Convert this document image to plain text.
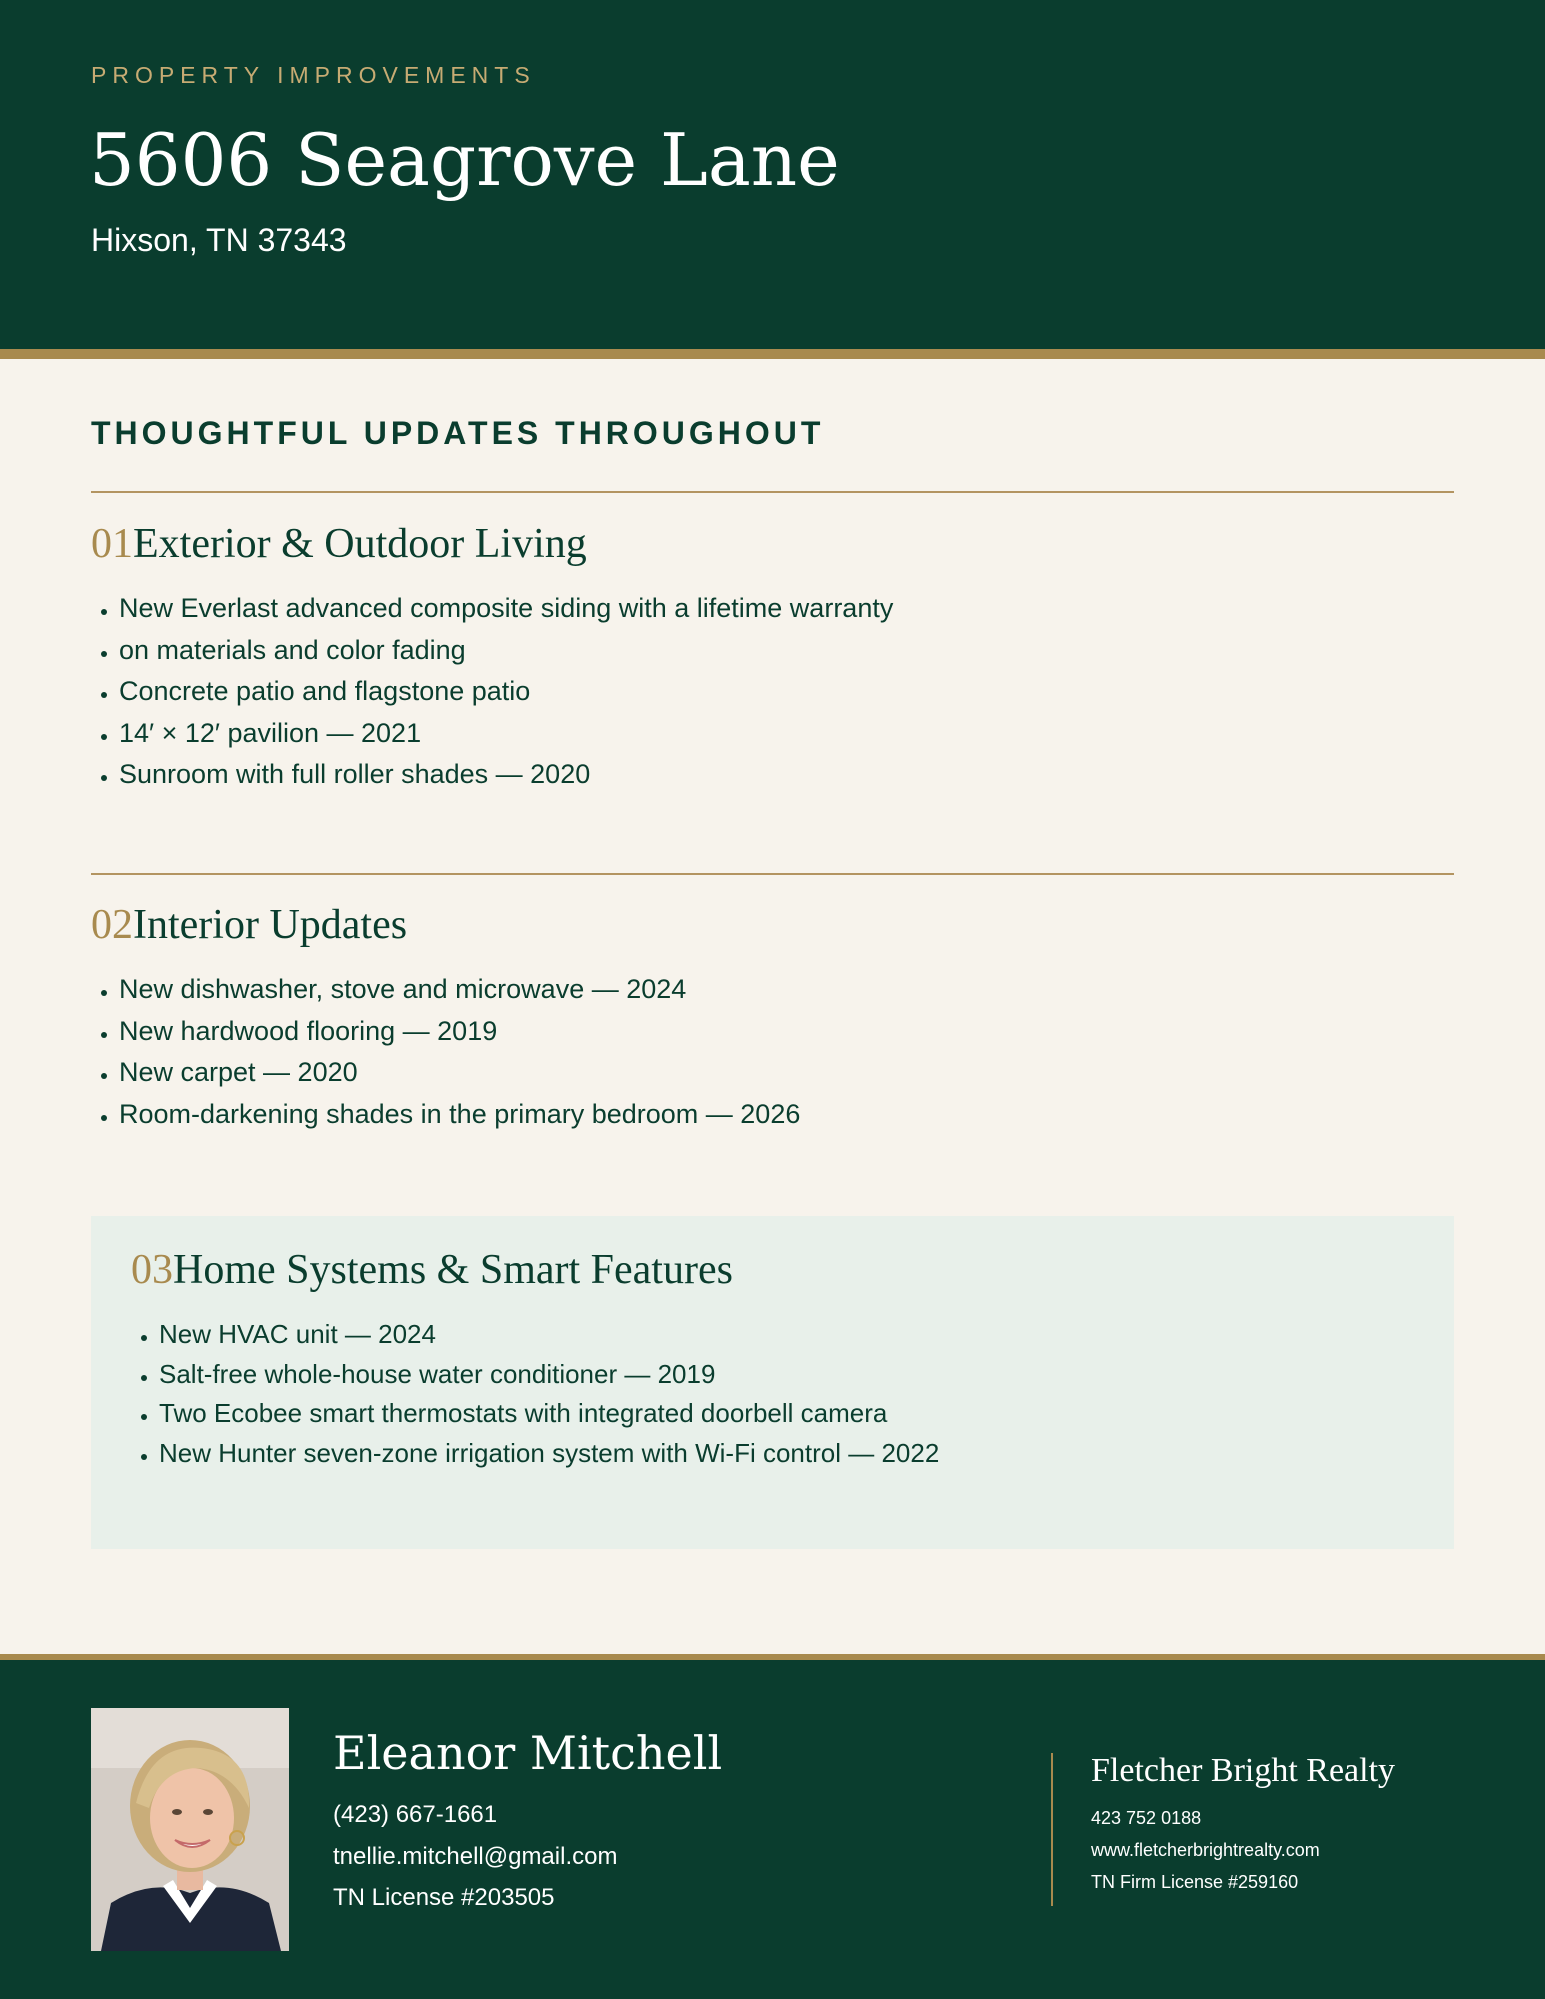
PROPERTY IMPROVEMENTS
5606 Seagrove Lane
Hixson, TN 37343
THOUGHTFUL UPDATES THROUGHOUT
01Exterior & Outdoor Living
• New Everlast advanced composite siding with a lifetime warranty
• on materials and color fading
• Concrete patio and flagstone patio
• 14′ × 12′ pavilion — 2021
• Sunroom with full roller shades — 2020
02Interior Updates
• New dishwasher, stove and microwave — 2024
• New hardwood flooring — 2019
• New carpet — 2020
• Room-darkening shades in the primary bedroom — 2026
03Home Systems & Smart Features
• New HVAC unit — 2024
• Salt-free whole-house water conditioner — 2019
• Two Ecobee smart thermostats with integrated doorbell camera
• New Hunter seven-zone irrigation system with Wi-Fi control — 2022
Eleanor Mitchell
(423) 667-1661
tnellie.mitchell@gmail.com
TN License #203505
Fletcher Bright Realty
423 752 0188
www.fletcherbrightrealty.com
TN Firm License #259160
